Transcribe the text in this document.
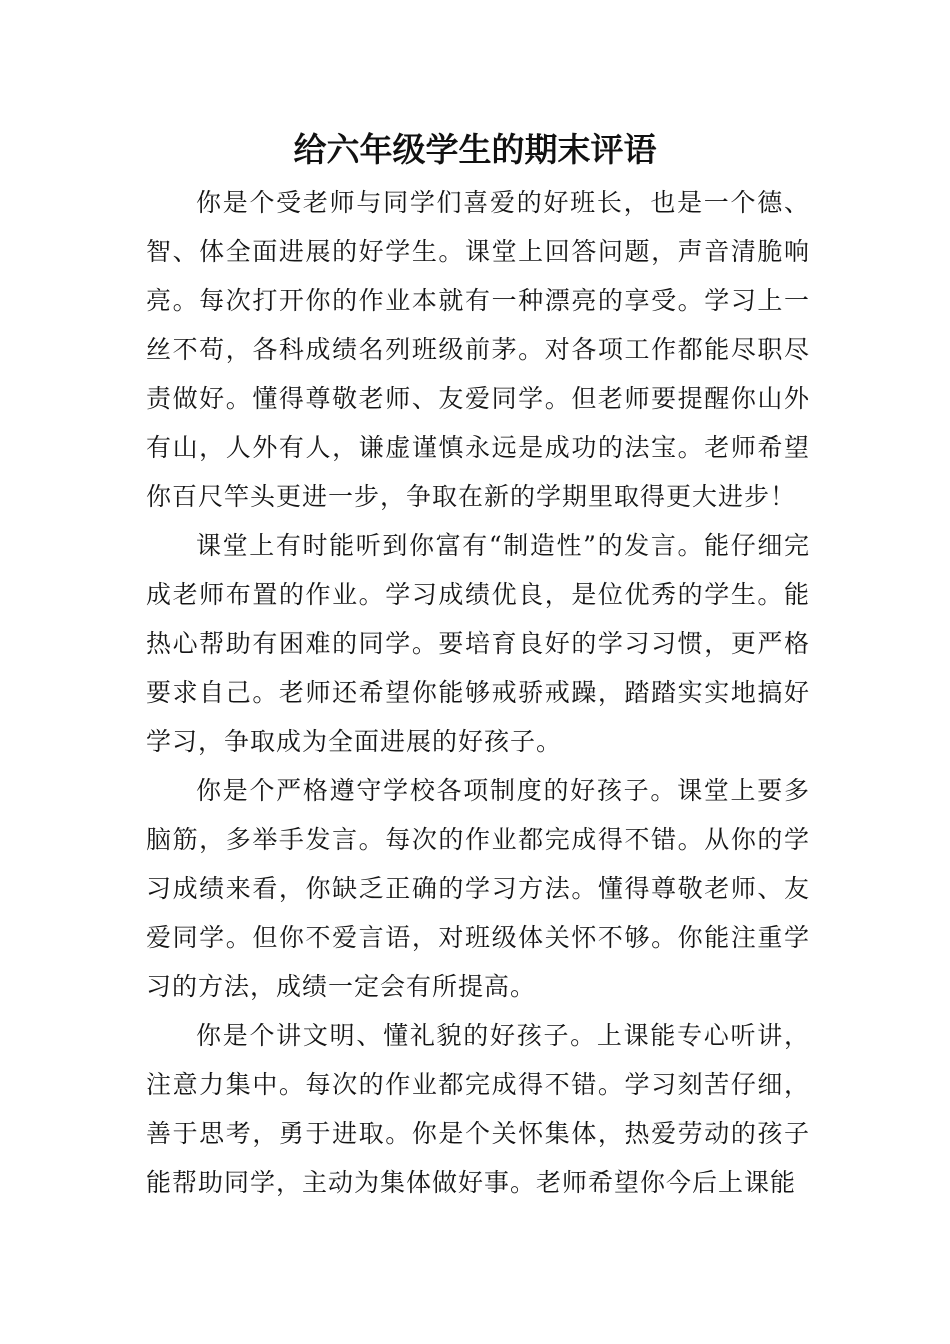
给六年级学生的期末评语

你是个受老师与同学们喜爱的好班长，也是一个德、智、体全面进展的好学生。课堂上回答问题，声音清脆响亮。每次打开你的作业本就有一种漂亮的享受。学习上一丝不苟，各科成绩名列班级前茅。对各项工作都能尽职尽责做好。懂得尊敬老师、友爱同学。但老师要提醒你山外有山，人外有人，谦虚谨慎永远是成功的法宝。老师希望你百尺竿头更进一步，争取在新的学期里取得更大进步！

课堂上有时能听到你富有“制造性”的发言。能仔细完成老师布置的作业。学习成绩优良，是位优秀的学生。能热心帮助有困难的同学。要培育良好的学习习惯，更严格要求自己。老师还希望你能够戒骄戒躁，踏踏实实地搞好学习，争取成为全面进展的好孩子。

你是个严格遵守学校各项制度的好孩子。课堂上要多脑筋，多举手发言。每次的作业都完成得不错。从你的学习成绩来看，你缺乏正确的学习方法。懂得尊敬老师、友爱同学。但你不爱言语，对班级体关怀不够。你能注重学习的方法，成绩一定会有所提高。

你是个讲文明、懂礼貌的好孩子。上课能专心听讲，注意力集中。每次的作业都完成得不错。学习刻苦仔细，善于思考，勇于进取。你是个关怀集体，热爱劳动的孩子能帮助同学，主动为集体做好事。老师希望你今后上课能
